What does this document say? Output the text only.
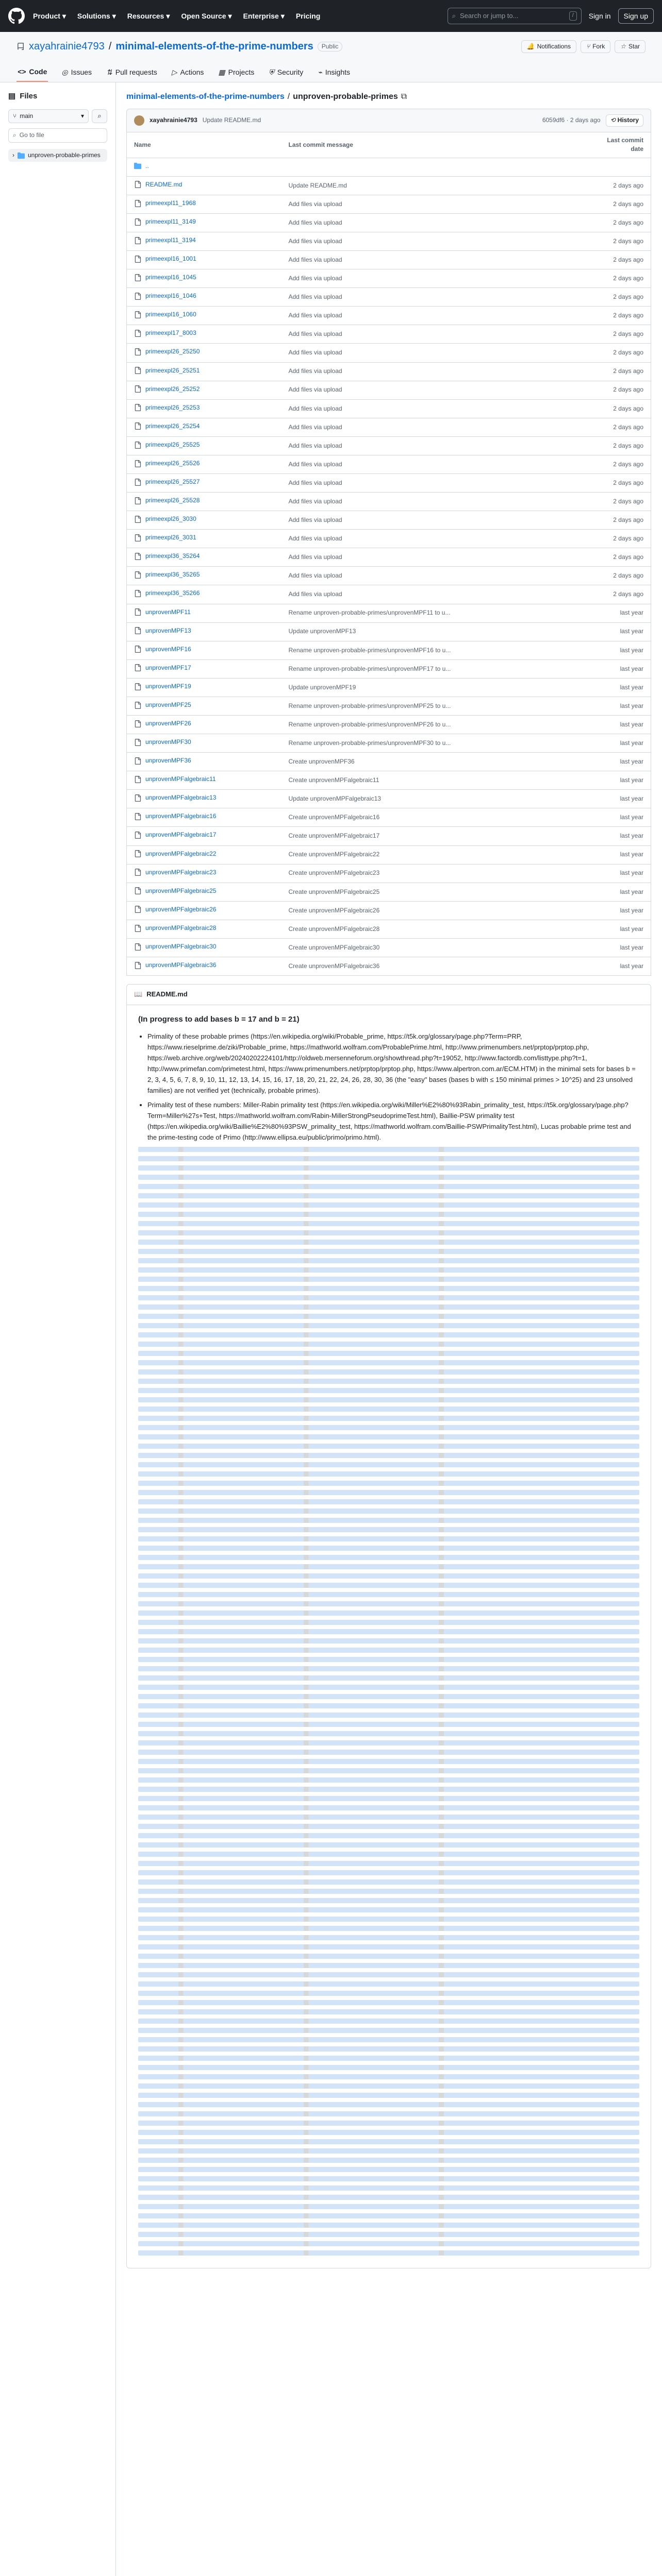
Product ▾ Solutions ▾ Resources ▾ Open Source ▾ Enterprise ▾ Pricing	⌕ Search or jump to...	/	Sign in	Sign up
xayahrainie4793 / minimal-elements-of-the-prime-numbers	Public	🔔 Notifications	⑂ Fork	☆ Star
<> Code ◎ Issues ⇅ Pull requests ▷ Actions ▦ Projects ⛨ Security ⌁ Insights
▤ Files
⑂ main	▾ ⌕
⌕ Go to file
› unproven-probable-primes
minimal-elements-of-the-prime-numbers / unproven-probable-primes ⧉
xayahrainie4793 Update README.md	6059df6 · 2 days ago ⟲ History
Name	Last commit message	Last commit date

..		

README.md	Update README.md	2 days ago

primeexpl11_1968	Add files via upload	2 days ago

primeexpl11_3149	Add files via upload	2 days ago

primeexpl11_3194	Add files via upload	2 days ago

primeexpl16_1001	Add files via upload	2 days ago

primeexpl16_1045	Add files via upload	2 days ago

primeexpl16_1046	Add files via upload	2 days ago

primeexpl16_1060	Add files via upload	2 days ago

primeexpl17_8003	Add files via upload	2 days ago

primeexpl26_25250	Add files via upload	2 days ago

primeexpl26_25251	Add files via upload	2 days ago

primeexpl26_25252	Add files via upload	2 days ago

primeexpl26_25253	Add files via upload	2 days ago

primeexpl26_25254	Add files via upload	2 days ago

primeexpl26_25525	Add files via upload	2 days ago

primeexpl26_25526	Add files via upload	2 days ago

primeexpl26_25527	Add files via upload	2 days ago

primeexpl26_25528	Add files via upload	2 days ago

primeexpl26_3030	Add files via upload	2 days ago

primeexpl26_3031	Add files via upload	2 days ago

primeexpl36_35264	Add files via upload	2 days ago

primeexpl36_35265	Add files via upload	2 days ago

primeexpl36_35266	Add files via upload	2 days ago

unprovenMPF11	Rename unproven-probable-primes/unprovenMPF11 to u...	last year

unprovenMPF13	Update unprovenMPF13	last year

unprovenMPF16	Rename unproven-probable-primes/unprovenMPF16 to u...	last year

unprovenMPF17	Rename unproven-probable-primes/unprovenMPF17 to u...	last year

unprovenMPF19	Update unprovenMPF19	last year

unprovenMPF25	Rename unproven-probable-primes/unprovenMPF25 to u...	last year

unprovenMPF26	Rename unproven-probable-primes/unprovenMPF26 to u...	last year

unprovenMPF30	Rename unproven-probable-primes/unprovenMPF30 to u...	last year

unprovenMPF36	Create unprovenMPF36	last year

unprovenMPFalgebraic11	Create unprovenMPFalgebraic11	last year

unprovenMPFalgebraic13	Update unprovenMPFalgebraic13	last year

unprovenMPFalgebraic16	Create unprovenMPFalgebraic16	last year

unprovenMPFalgebraic17	Create unprovenMPFalgebraic17	last year

unprovenMPFalgebraic22	Create unprovenMPFalgebraic22	last year

unprovenMPFalgebraic23	Create unprovenMPFalgebraic23	last year

unprovenMPFalgebraic25	Create unprovenMPFalgebraic25	last year

unprovenMPFalgebraic26	Create unprovenMPFalgebraic26	last year

unprovenMPFalgebraic28	Create unprovenMPFalgebraic28	last year

unprovenMPFalgebraic30	Create unprovenMPFalgebraic30	last year

unprovenMPFalgebraic36	Create unprovenMPFalgebraic36	last year
📖 README.md
(In progress to add bases b = 17 and b = 21)
• Primality of these probable primes (https://en.wikipedia.org/wiki/Probable_prime, https://t5k.org/glossary/page.php?Term=PRP, https://www.rieselprime.de/ziki/Probable_prime, https://mathworld.wolfram.com/ProbablePrime.html, http://www.primenumbers.net/prptop/prptop.php, https://web.archive.org/web/20240202224101/http://oldweb.mersenneforum.org/showthread.php?t=19052, http://www.factordb.com/listtype.php?t=1, http://www.primefan.com/primetest.html, https://www.primenumbers.net/prptop/prptop.php, https://www.alpertron.com.ar/ECM.HTM) in the minimal sets for bases b = 2, 3, 4, 5, 6, 7, 8, 9, 10, 11, 12, 13, 14, 15, 16, 17, 18, 20, 21, 22, 24, 26, 28, 30, 36 (the "easy" bases (bases b with ≤ 150 minimal primes > 10^25) and 23 unsolved families) are not verified yet (technically, probable primes).
• Primality test of these numbers: Miller-Rabin primality test (https://en.wikipedia.org/wiki/Miller%E2%80%93Rabin_primality_test, https://t5k.org/glossary/page.php?Term=Miller%27s+Test, https://mathworld.wolfram.com/Rabin-MillerStrongPseudoprimeTest.html), Baillie-PSW primality test (https://en.wikipedia.org/wiki/Baillie%E2%80%93PSW_primality_test, https://mathworld.wolfram.com/Baillie-PSWPrimalityTest.html), Lucas probable prime test and the prime-testing code of Primo (http://www.ellipsa.eu/public/primo/primo.html).
